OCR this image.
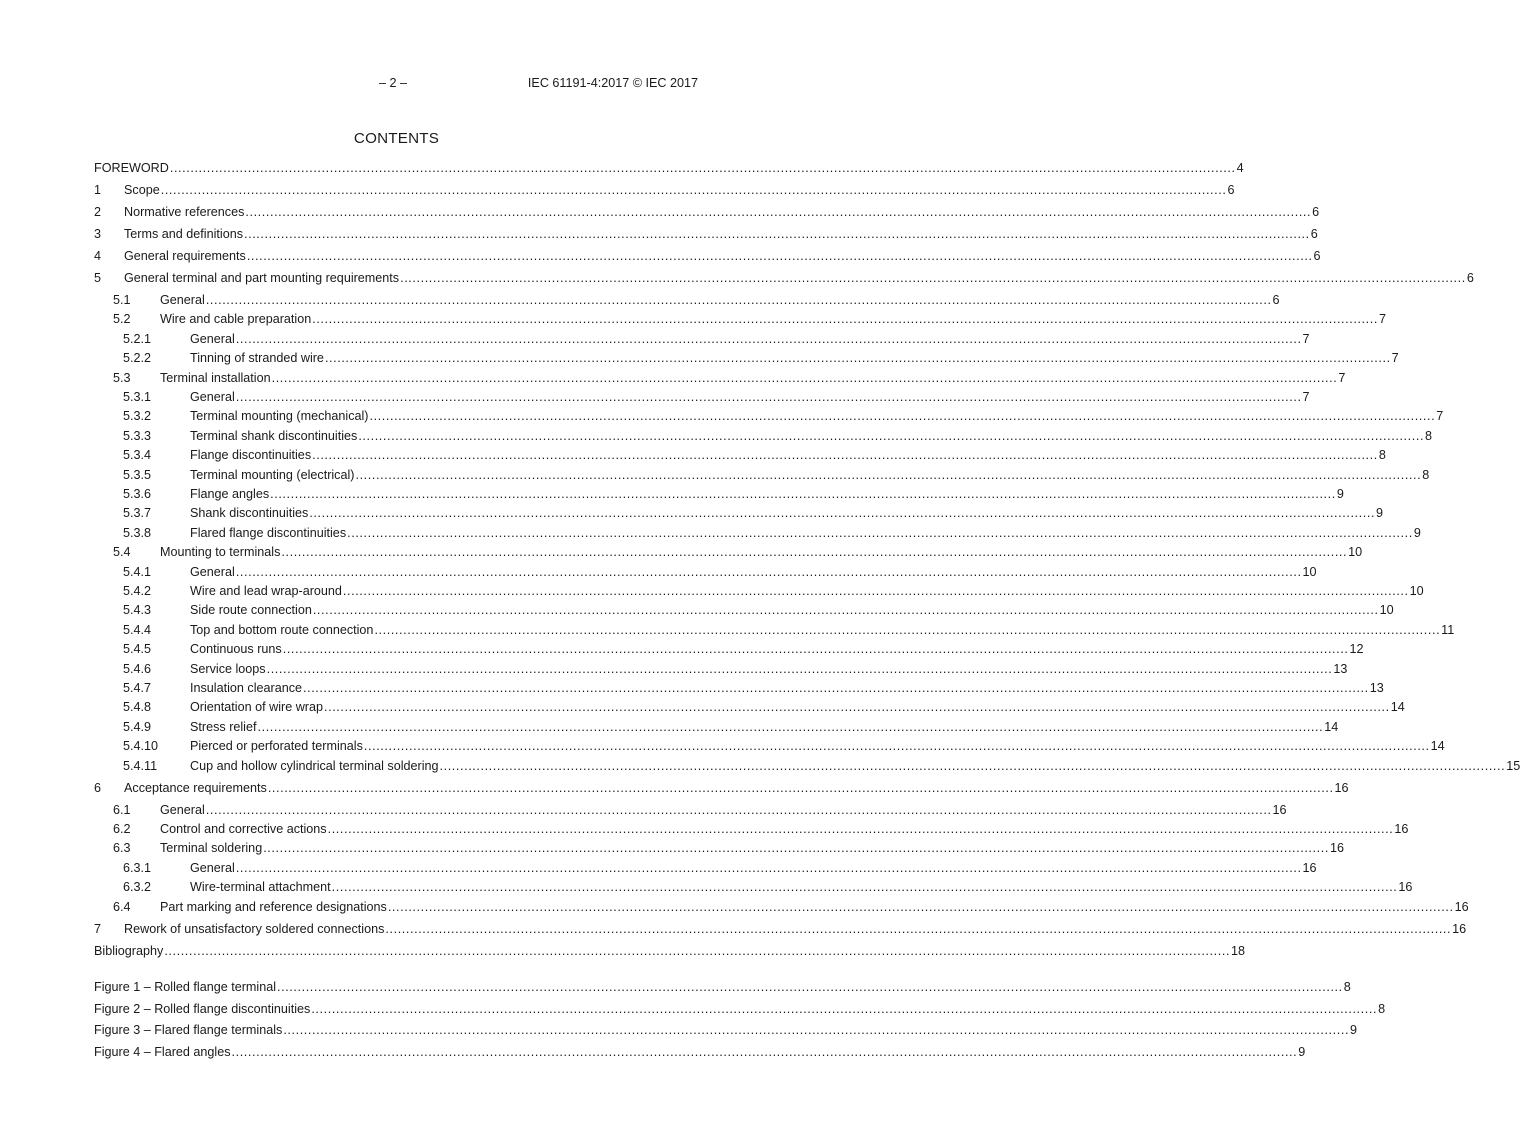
– 2 –	IEC 61191-4:2017 © IEC 2017
CONTENTS
FOREWORD .................................................................................................................................................................................................................................................................... 4
1 Scope .................................................................................................................................................................................................................................................................... 6
2 Normative references .................................................................................................................................................................................................................................................................... 6
3 Terms and definitions .................................................................................................................................................................................................................................................................... 6
4 General requirements .................................................................................................................................................................................................................................................................... 6
5 General terminal and part mounting requirements .................................................................................................................................................................................................................................................................... 6
5.1 General .................................................................................................................................................................................................................................................................... 6
5.2 Wire and cable preparation .................................................................................................................................................................................................................................................................... 7
5.2.1	General .................................................................................................................................................................................................................................................................... 7
5.2.2	Tinning of stranded wire .................................................................................................................................................................................................................................................................... 7
5.3 Terminal installation .................................................................................................................................................................................................................................................................... 7
5.3.1	General .................................................................................................................................................................................................................................................................... 7
5.3.2	Terminal mounting (mechanical) .................................................................................................................................................................................................................................................................... 7
5.3.3	Terminal shank discontinuities .................................................................................................................................................................................................................................................................... 8
5.3.4	Flange discontinuities .................................................................................................................................................................................................................................................................... 8
5.3.5	Terminal mounting (electrical) .................................................................................................................................................................................................................................................................... 8
5.3.6	Flange angles .................................................................................................................................................................................................................................................................... 9
5.3.7	Shank discontinuities .................................................................................................................................................................................................................................................................... 9
5.3.8	Flared flange discontinuities .................................................................................................................................................................................................................................................................... 9
5.4 Mounting to terminals .................................................................................................................................................................................................................................................................... 10
5.4.1	General .................................................................................................................................................................................................................................................................... 10
5.4.2	Wire and lead wrap-around .................................................................................................................................................................................................................................................................... 10
5.4.3	Side route connection .................................................................................................................................................................................................................................................................... 10
5.4.4	Top and bottom route connection .................................................................................................................................................................................................................................................................... 11
5.4.5	Continuous runs .................................................................................................................................................................................................................................................................... 12
5.4.6	Service loops .................................................................................................................................................................................................................................................................... 13
5.4.7	Insulation clearance .................................................................................................................................................................................................................................................................... 13
5.4.8	Orientation of wire wrap .................................................................................................................................................................................................................................................................... 14
5.4.9	Stress relief .................................................................................................................................................................................................................................................................... 14
5.4.10	Pierced or perforated terminals .................................................................................................................................................................................................................................................................... 14
5.4.11	Cup and hollow cylindrical terminal soldering .................................................................................................................................................................................................................................................................... 15
6 Acceptance requirements .................................................................................................................................................................................................................................................................... 16
6.1 General .................................................................................................................................................................................................................................................................... 16
6.2 Control and corrective actions .................................................................................................................................................................................................................................................................... 16
6.3 Terminal soldering .................................................................................................................................................................................................................................................................... 16
6.3.1	General .................................................................................................................................................................................................................................................................... 16
6.3.2	Wire-terminal attachment .................................................................................................................................................................................................................................................................... 16
6.4 Part marking and reference designations .................................................................................................................................................................................................................................................................... 16
7 Rework of unsatisfactory soldered connections .................................................................................................................................................................................................................................................................... 16
Bibliography .................................................................................................................................................................................................................................................................... 18
Figure 1 – Rolled flange terminal .................................................................................................................................................................................................................................................................... 8
Figure 2 – Rolled flange discontinuities .................................................................................................................................................................................................................................................................... 8
Figure 3 – Flared flange terminals .................................................................................................................................................................................................................................................................... 9
Figure 4 – Flared angles .................................................................................................................................................................................................................................................................... 9
